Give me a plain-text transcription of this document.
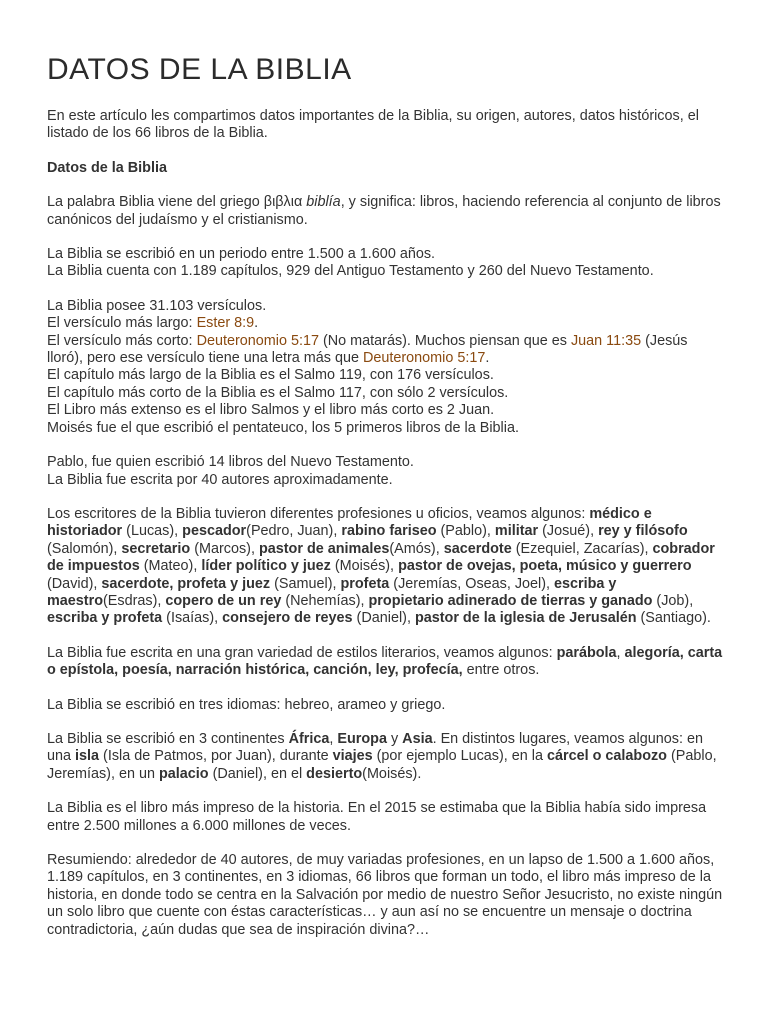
DATOS DE LA BIBLIA

En este artículo les compartimos datos importantes de la Biblia, su origen, autores, datos históricos, el listado de los 66 libros de la Biblia.

Datos de la Biblia

La palabra Biblia viene del griego βιβλια biblía, y significa: libros, haciendo referencia al conjunto de libros canónicos del judaísmo y el cristianismo.

La Biblia se escribió en un periodo entre 1.500 a 1.600 años.
La Biblia cuenta con 1.189 capítulos, 929 del Antiguo Testamento y 260 del Nuevo Testamento.

La Biblia posee 31.103 versículos.
El versículo más largo: Ester 8:9.
El versículo más corto: Deuteronomio 5:17 (No matarás). Muchos piensan que es Juan 11:35 (Jesús lloró), pero ese versículo tiene una letra más que Deuteronomio 5:17.
El capítulo más largo de la Biblia es el Salmo 119, con 176 versículos.
El capítulo más corto de la Biblia es el Salmo 117, con sólo 2 versículos.
El Libro más extenso es el libro Salmos y el libro más corto es 2 Juan.
Moisés fue el que escribió el pentateuco, los 5 primeros libros de la Biblia.

Pablo, fue quien escribió 14 libros del Nuevo Testamento.
La Biblia fue escrita por 40 autores aproximadamente.

Los escritores de la Biblia tuvieron diferentes profesiones u oficios, veamos algunos: médico e historiador (Lucas), pescador(Pedro, Juan), rabino fariseo (Pablo), militar (Josué), rey y filósofo (Salomón), secretario (Marcos), pastor de animales(Amós), sacerdote (Ezequiel, Zacarías), cobrador de impuestos (Mateo), líder político y juez (Moisés), pastor de ovejas, poeta, músico y guerrero (David), sacerdote, profeta y juez (Samuel), profeta (Jeremías, Oseas, Joel), escriba y maestro(Esdras), copero de un rey (Nehemías), propietario adinerado de tierras y ganado (Job), escriba y profeta (Isaías), consejero de reyes (Daniel), pastor de la iglesia de Jerusalén (Santiago).

La Biblia fue escrita en una gran variedad de estilos literarios, veamos algunos: parábola, alegoría, carta o epístola, poesía, narración histórica, canción, ley, profecía, entre otros.

La Biblia se escribió en tres idiomas: hebreo, arameo y griego.

La Biblia se escribió en 3 continentes África, Europa y Asia. En distintos lugares, veamos algunos: en una isla (Isla de Patmos, por Juan), durante viajes (por ejemplo Lucas), en la cárcel o calabozo (Pablo, Jeremías), en un palacio (Daniel), en el desierto(Moisés).

La Biblia es el libro más impreso de la historia. En el 2015 se estimaba que la Biblia había sido impresa entre 2.500 millones a 6.000 millones de veces.

Resumiendo: alrededor de 40 autores, de muy variadas profesiones, en un lapso de 1.500 a 1.600 años, 1.189 capítulos, en 3 continentes, en 3 idiomas, 66 libros que forman un todo, el libro más impreso de la historia, en donde todo se centra en la Salvación por medio de nuestro Señor Jesucristo, no existe ningún un solo libro que cuente con éstas características… y aun así no se encuentre un mensaje o doctrina contradictoria, ¿aún dudas que sea de inspiración divina?…
